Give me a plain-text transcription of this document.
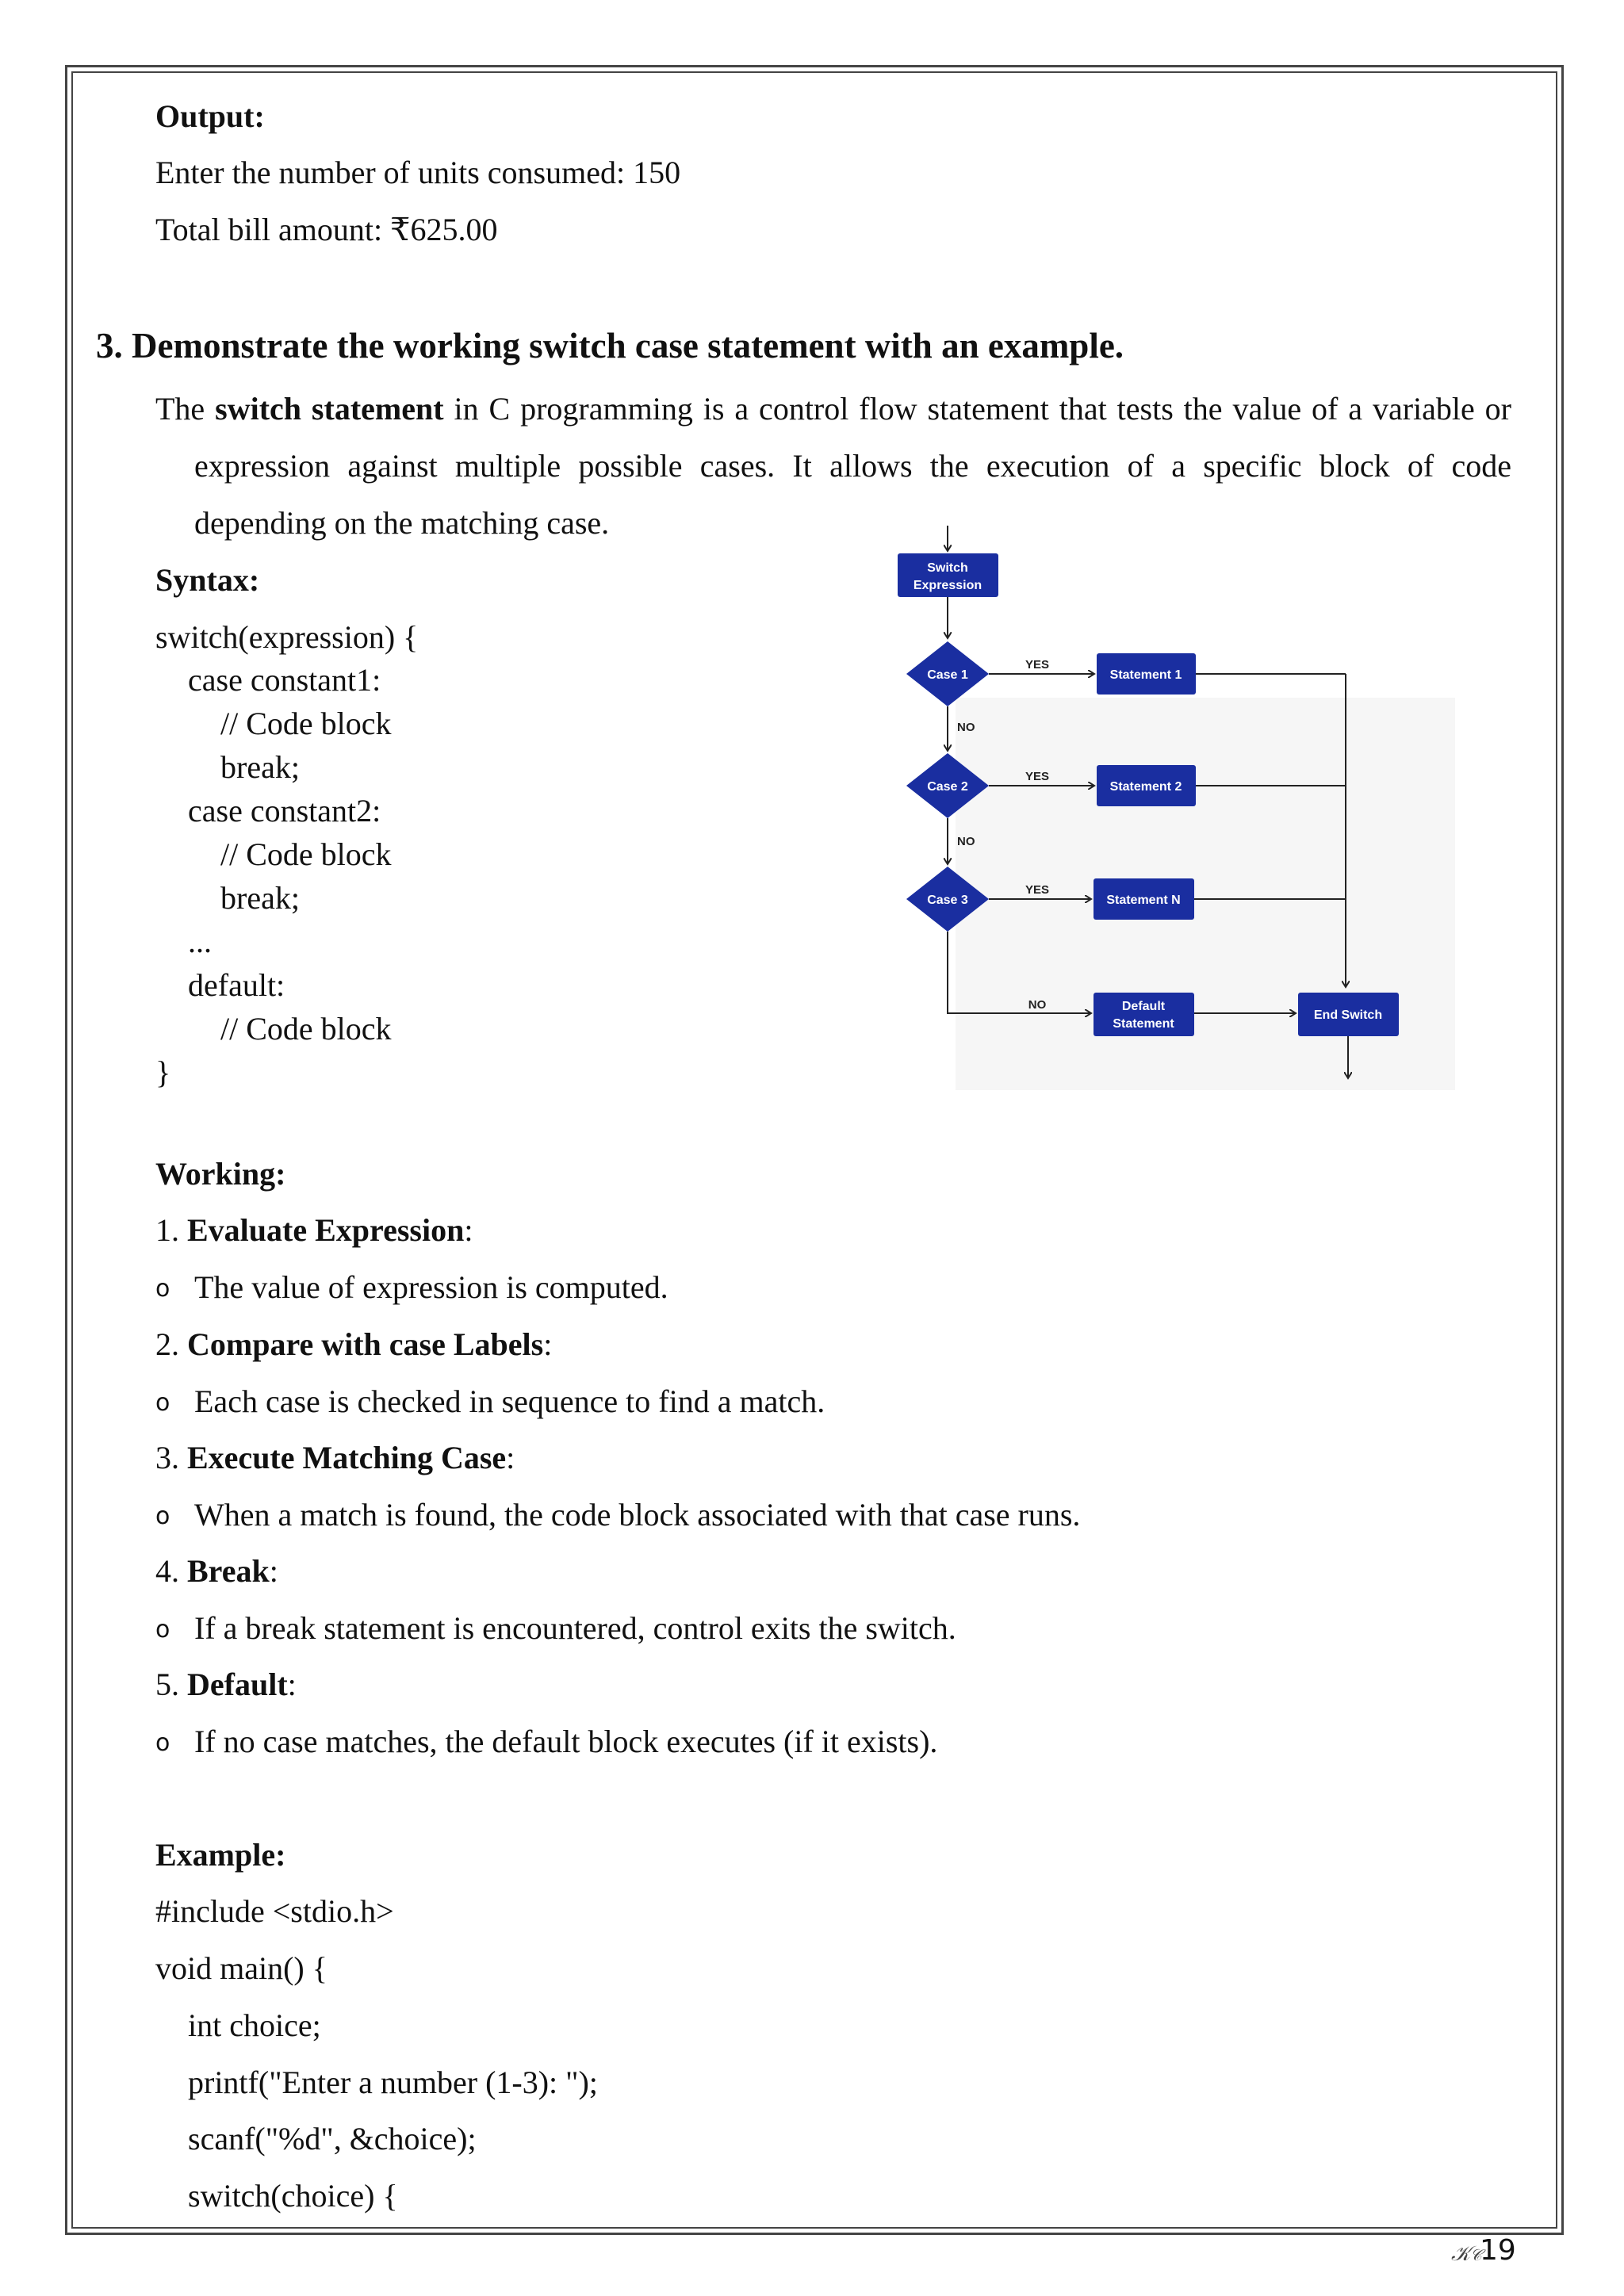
Output:
Enter the number of units consumed: 150
Total bill amount: ₹625.00
3. Demonstrate the working switch case statement with an example.
The switch statement in C programming is a control flow statement that tests the value of a variable or
expression against multiple possible cases. It allows the execution of a specific block of code
depending on the matching case.
Syntax:
switch(expression) {
case constant1:
// Code block
break;
case constant2:
// Code block
break;
...
default:
// Code block
}
Switch
Expression
Case 1
YES
Statement 1
NO
Case 2
YES
Statement 2
NO
Case 3
YES
Statement N
NO	Default
Statement
End Switch
Working:
1. Evaluate Expression:
o The value of expression is computed.
2. Compare with case Labels:
o Each case is checked in sequence to find a match.
3. Execute Matching Case:
o When a match is found, the code block associated with that case runs.
4. Break:
o If a break statement is encountered, control exits the switch.
5. Default:
o If no case matches, the default block executes (if it exists).
Example:
#include <stdio.h>
void main() {
int choice;
printf("Enter a number (1-3): ");
scanf("%d", &choice);
switch(choice) {
𝒦𝒞
19
